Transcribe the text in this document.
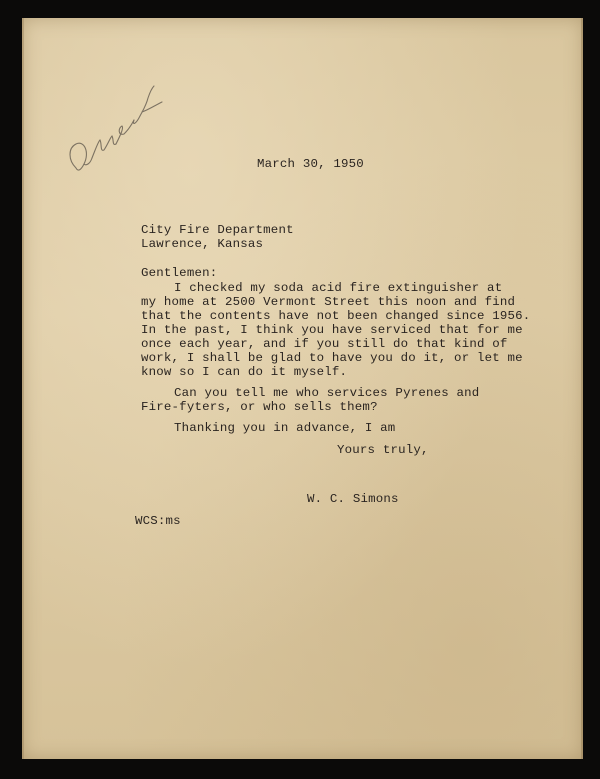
March 30, 1950
City Fire Department
Lawrence, Kansas
Gentlemen:
I checked my soda acid fire extinguisher at
my home at 2500 Vermont Street this noon and find
that the contents have not been changed since 1956.
In the past, I think you have serviced that for me
once each year, and if you still do that kind of
work, I shall be glad to have you do it, or let me
know so I can do it myself.
Can you tell me who services Pyrenes and
Fire-fyters, or who sells them?
Thanking you in advance, I am
Yours truly,
W. C. Simons
WCS:ms
